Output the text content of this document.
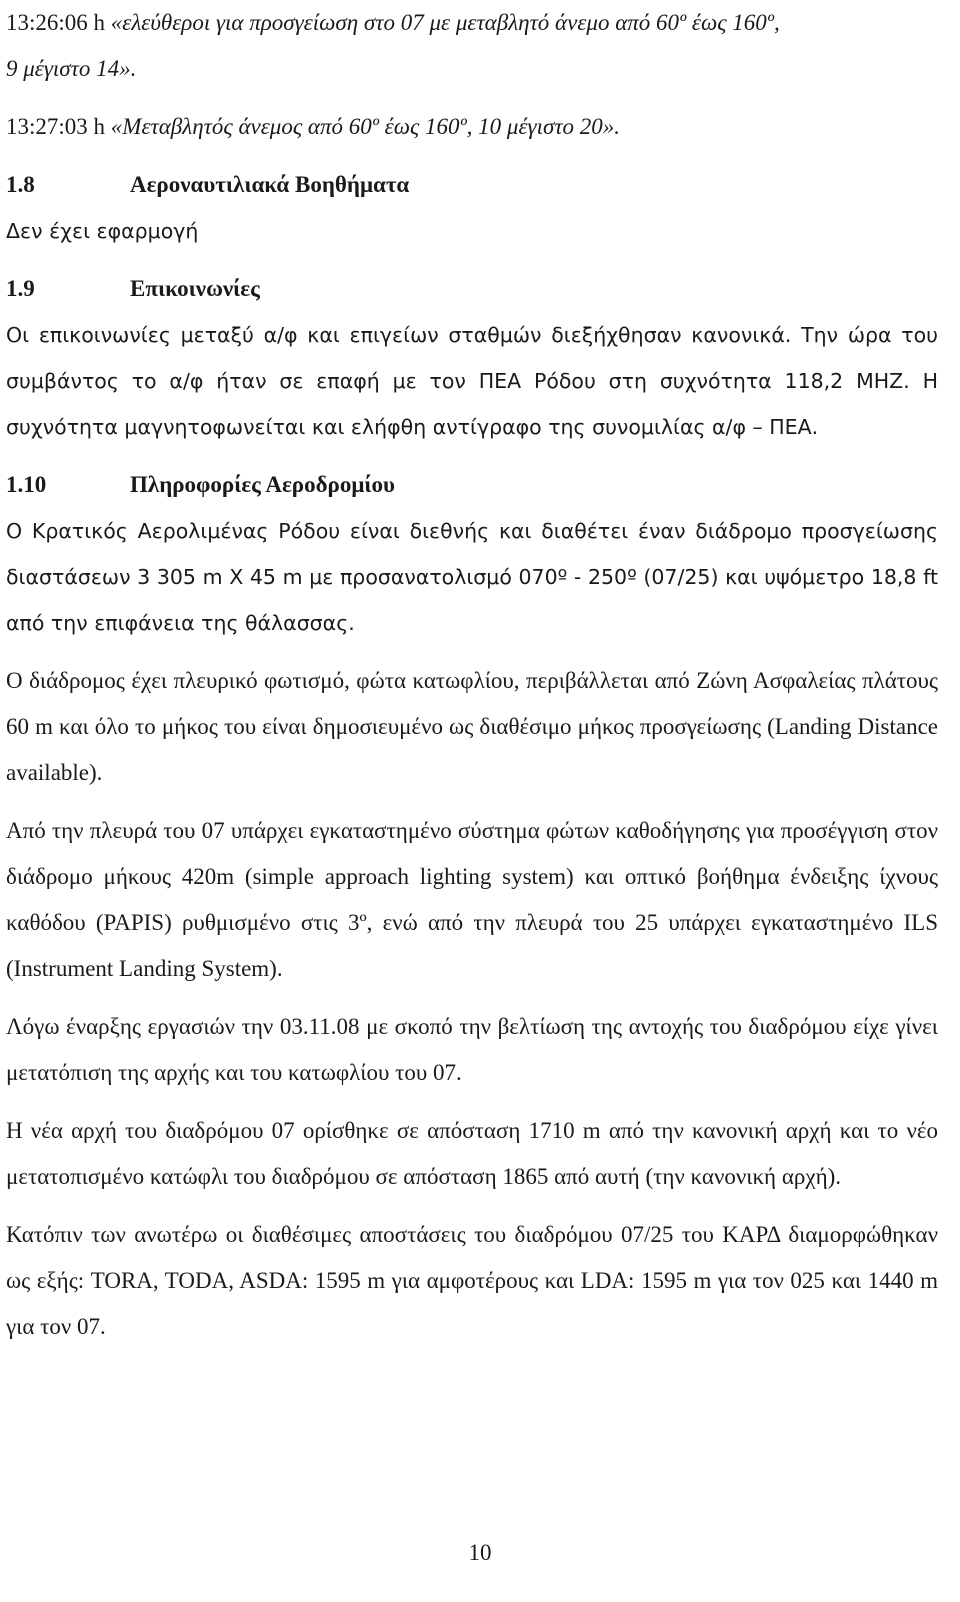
13:26:06 h «ελεύθεροι για προσγείωση στο 07 με μεταβλητό άνεμο από 60º έως 160º,
9 μέγιστο 14».
13:27:03 h «Μεταβλητός άνεμος από 60º έως 160º, 10 μέγιστο 20».
1.8	Αεροναυτιλιακά Βοηθήματα
Δεν έχει εφαρμογή
1.9	Επικοινωνίες
Οι επικοινωνίες μεταξύ α/φ και επιγείων σταθμών διεξήχθησαν κανονικά. Την ώρα του συμβάντος το α/φ ήταν σε επαφή με τον ΠΕΑ Ρόδου στη συχνότητα 118,2 MHZ. Η συχνότητα μαγνητοφωνείται και ελήφθη αντίγραφο της συνομιλίας α/φ – ΠΕΑ.
1.10	Πληροφορίες Αεροδρομίου
Ο Κρατικός Αερολιμένας Ρόδου είναι διεθνής και διαθέτει έναν διάδρομο προσγείωσης διαστάσεων 3 305 m X 45 m με προσανατολισμό 070º - 250º (07/25) και υψόμετρο 18,8 ft από την επιφάνεια της θάλασσας.
Ο διάδρομος έχει πλευρικό φωτισμό, φώτα κατωφλίου, περιβάλλεται από Ζώνη Ασφαλείας πλάτους 60 m και όλο το μήκος του είναι δημοσιευμένο ως διαθέσιμο μήκος προσγείωσης (Landing Distance available).
Από την πλευρά του 07 υπάρχει εγκαταστημένο σύστημα φώτων καθοδήγησης για προσέγγιση στον διάδρομο μήκους 420m (simple approach lighting system) και οπτικό βοήθημα ένδειξης ίχνους καθόδου (PAPIS) ρυθμισμένο στις 3º, ενώ από την πλευρά του 25 υπάρχει εγκαταστημένο ILS (Instrument Landing System).
Λόγω έναρξης εργασιών την 03.11.08 με σκοπό την βελτίωση της αντοχής του διαδρόμου είχε γίνει μετατόπιση της αρχής και του κατωφλίου του 07.
Η νέα αρχή του διαδρόμου 07 ορίσθηκε σε απόσταση 1710 m από την κανονική αρχή και το νέο μετατοπισμένο κατώφλι του διαδρόμου σε απόσταση 1865 από αυτή (την κανονική αρχή).
Κατόπιν των ανωτέρω οι διαθέσιμες αποστάσεις του διαδρόμου 07/25 του ΚΑΡΔ διαμορφώθηκαν ως εξής: TORA, TODA, ASDA: 1595 m για αμφοτέρους και LDA: 1595 m για τον 025 και 1440 m για τον 07.
10
